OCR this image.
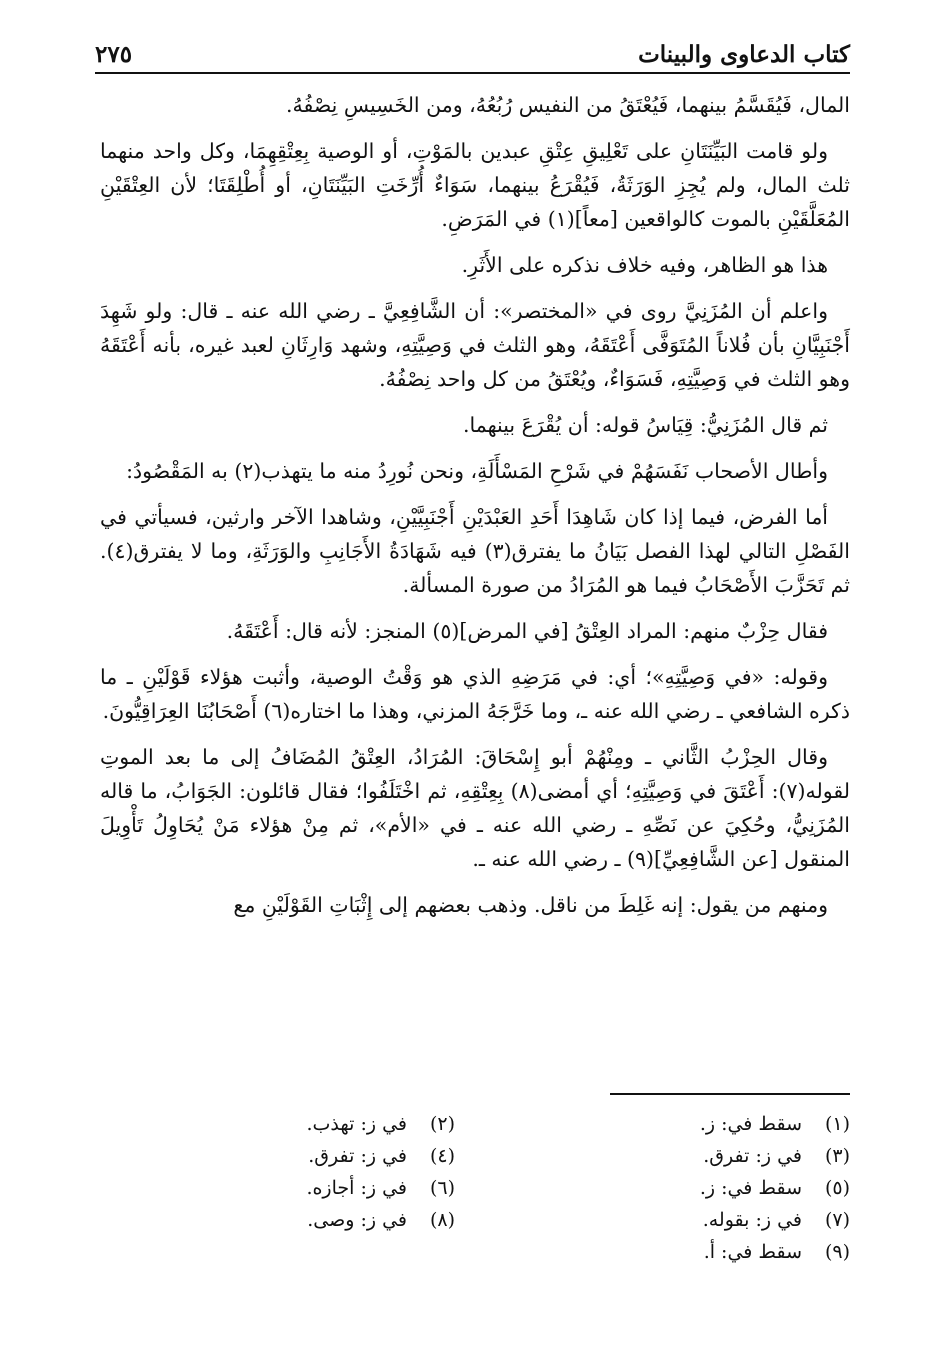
كتاب الدعاوى والبينات
٢٧٥

المال، فَيُقَسَّمُ بينهما، فَيُعْتَقُ من النفيس رُبُعُهُ، ومن الخَسِيسِ نِصْفُهُ.

ولو قامت البَيِّنَتَانِ على تَعْلِيقِ عِتْقِ عبدين بالمَوْتِ، أو الوصية بِعِتْقِهِمَا، وكل واحد منهما ثلث المال، ولم يُجِزِ الوَرَثَةُ، فَيُقْرَعُ بينهما، سَوَاءٌ أُرِّخَتِ البَيِّنَتَانِ، أو أُطْلِقَتَا؛ لأن العِتْقَيْنِ المُعَلَّقَيْنِ بالموت كالواقعين [معاً](١) في المَرَضِ.

هذا هو الظاهر، وفيه خلاف نذكره على الأَثَرِ.

واعلم أن المُزَنِيَّ روى في «المختصر»: أن الشَّافِعِيَّ ـ رضي الله عنه ـ قال: ولو شَهِدَ أَجْنَبِيَّانِ بأن فُلاناً المُتَوَفَّى أَعْتَقَهُ، وهو الثلث في وَصِيَّتِهِ، وشهد وَارِثَانِ لعبد غيره، بأنه أَعْتَقَهُ وهو الثلث في وَصِيَّتِهِ، فَسَوَاءٌ، ويُعْتَقُ من كل واحد نِصْفُهُ.

ثم قال المُزَنِيُّ: قِيَاسُ قوله: أن يُقْرَعَ بينهما.

وأطال الأصحاب نَفَسَهُمْ في شَرْحِ المَسْأَلَةِ، ونحن نُورِدُ منه ما يتهذب(٢) به المَقْصُودُ:

أما الفرض، فيما إذا كان شَاهِدَا أَحَدِ العَبْدَيْنِ أَجْنَبِيَّيْنِ، وشاهدا الآخر وارثين، فسيأتي في الفَصْلِ التالي لهذا الفصل بَيَانُ ما يفترق(٣) فيه شَهَادَةُ الأَجَانِبِ والوَرَثَةِ، وما لا يفترق(٤). ثم تَحَزَّبَ الأَصْحَابُ فيما هو المُرَادُ من صورة المسألة.

فقال حِزْبٌ منهم: المراد العِتْقُ [في المرض](٥) المنجز: لأنه قال: أَعْتَقَهُ.

وقوله: «في وَصِيَّتِهِ»؛ أي: في مَرَضِهِ الذي هو وَقْتُ الوصية، وأثبت هؤلاء قَوْلَيْنِ ـ ما ذكره الشافعي ـ رضي الله عنه ـ، وما خَرَّجَهُ المزني، وهذا ما اختاره(٦) أَصْحَابُنَا العِرَاقِيُّونَ.

وقال الحِزْبُ الثَّاني ـ ومِنْهُمْ أبو إِسْحَاقَ: المُرَادُ، العِتْقُ المُضَافُ إلى ما بعد الموتِ لقوله(٧): أَعْتَقَ في وَصِيَّتِهِ؛ أي أمضى(٨) بِعِتْقِهِ، ثم اخْتَلَفُوا؛ فقال قائلون: الجَوَابُ، ما قاله المُزَنِيُّ، وحُكِيَ عن نَصِّهِ ـ رضي الله عنه ـ في «الأم»، ثم مِنْ هؤلاء مَنْ يُحَاوِلُ تَأْوِيلَ المنقول [عن الشَّافِعِيِّ](٩) ـ رضي الله عنه ـ.

ومنهم من يقول: إنه غَلِطَ من ناقل. وذهب بعضهم إلى إِثْبَاتِ القَوْلَيْنِ مع

(١)
سقط في: ز.
(٢)
في ز: تهذب.
(٣)
في ز: تفرق.
(٤)
في ز: تفرق.
(٥)
سقط في: ز.
(٦)
في ز: أجازه.
(٧)
في ز: بقوله.
(٨)
في ز: وصى.
(٩)
سقط في: أ.
